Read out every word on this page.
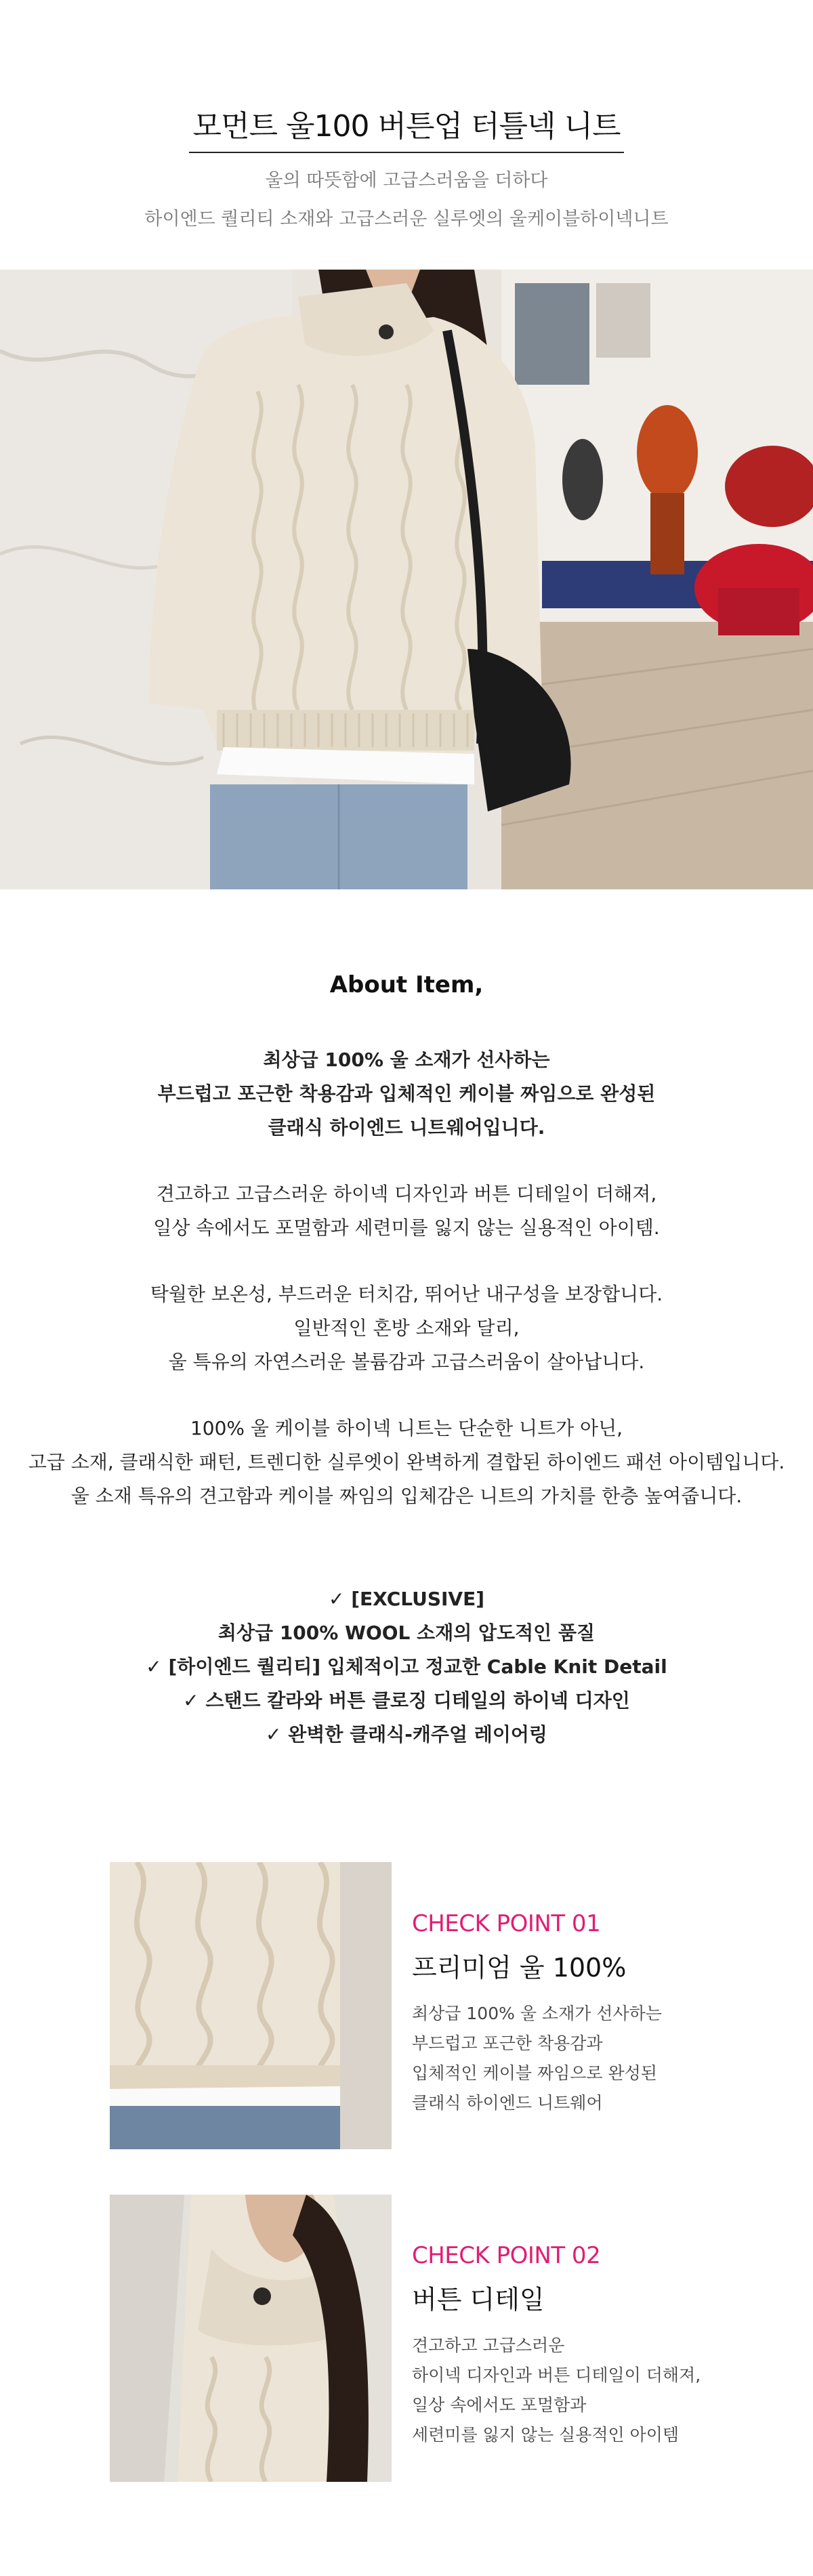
모먼트 울100 버튼업 터틀넥 니트
울의 따뜻함에 고급스러움을 더하다
하이엔드 퀄리티 소재와 고급스러운 실루엣의 울케이블하이넥니트
About Item,
최상급 100% 울 소재가 선사하는
부드럽고 포근한 착용감과 입체적인 케이블 짜임으로 완성된
클래식 하이엔드 니트웨어입니다.
견고하고 고급스러운 하이넥 디자인과 버튼 디테일이 더해져,
일상 속에서도 포멀함과 세련미를 잃지 않는 실용적인 아이템.
탁월한 보온성, 부드러운 터치감, 뛰어난 내구성을 보장합니다.
일반적인 혼방 소재와 달리,
울 특유의 자연스러운 볼륨감과 고급스러움이 살아납니다.
100% 울 케이블 하이넥 니트는 단순한 니트가 아닌,
고급 소재, 클래식한 패턴, 트렌디한 실루엣이 완벽하게 결합된 하이엔드 패션 아이템입니다.
울 소재 특유의 견고함과 케이블 짜임의 입체감은 니트의 가치를 한층 높여줍니다.
✓ [EXCLUSIVE]
최상급 100% WOOL 소재의 압도적인 품질
✓ [하이엔드 퀄리티] 입체적이고 정교한 Cable Knit Detail
✓ 스탠드 칼라와 버튼 클로징 디테일의 하이넥 디자인
✓ 완벽한 클래식-캐주얼 레이어링
CHECK POINT 01
프리미엄 울 100%
최상급 100% 울 소재가 선사하는
부드럽고 포근한 착용감과
입체적인 케이블 짜임으로 완성된
클래식 하이엔드 니트웨어
CHECK POINT 02
버튼 디테일
견고하고 고급스러운
하이넥 디자인과 버튼 디테일이 더해져,
일상 속에서도 포멀함과
세련미를 잃지 않는 실용적인 아이템
